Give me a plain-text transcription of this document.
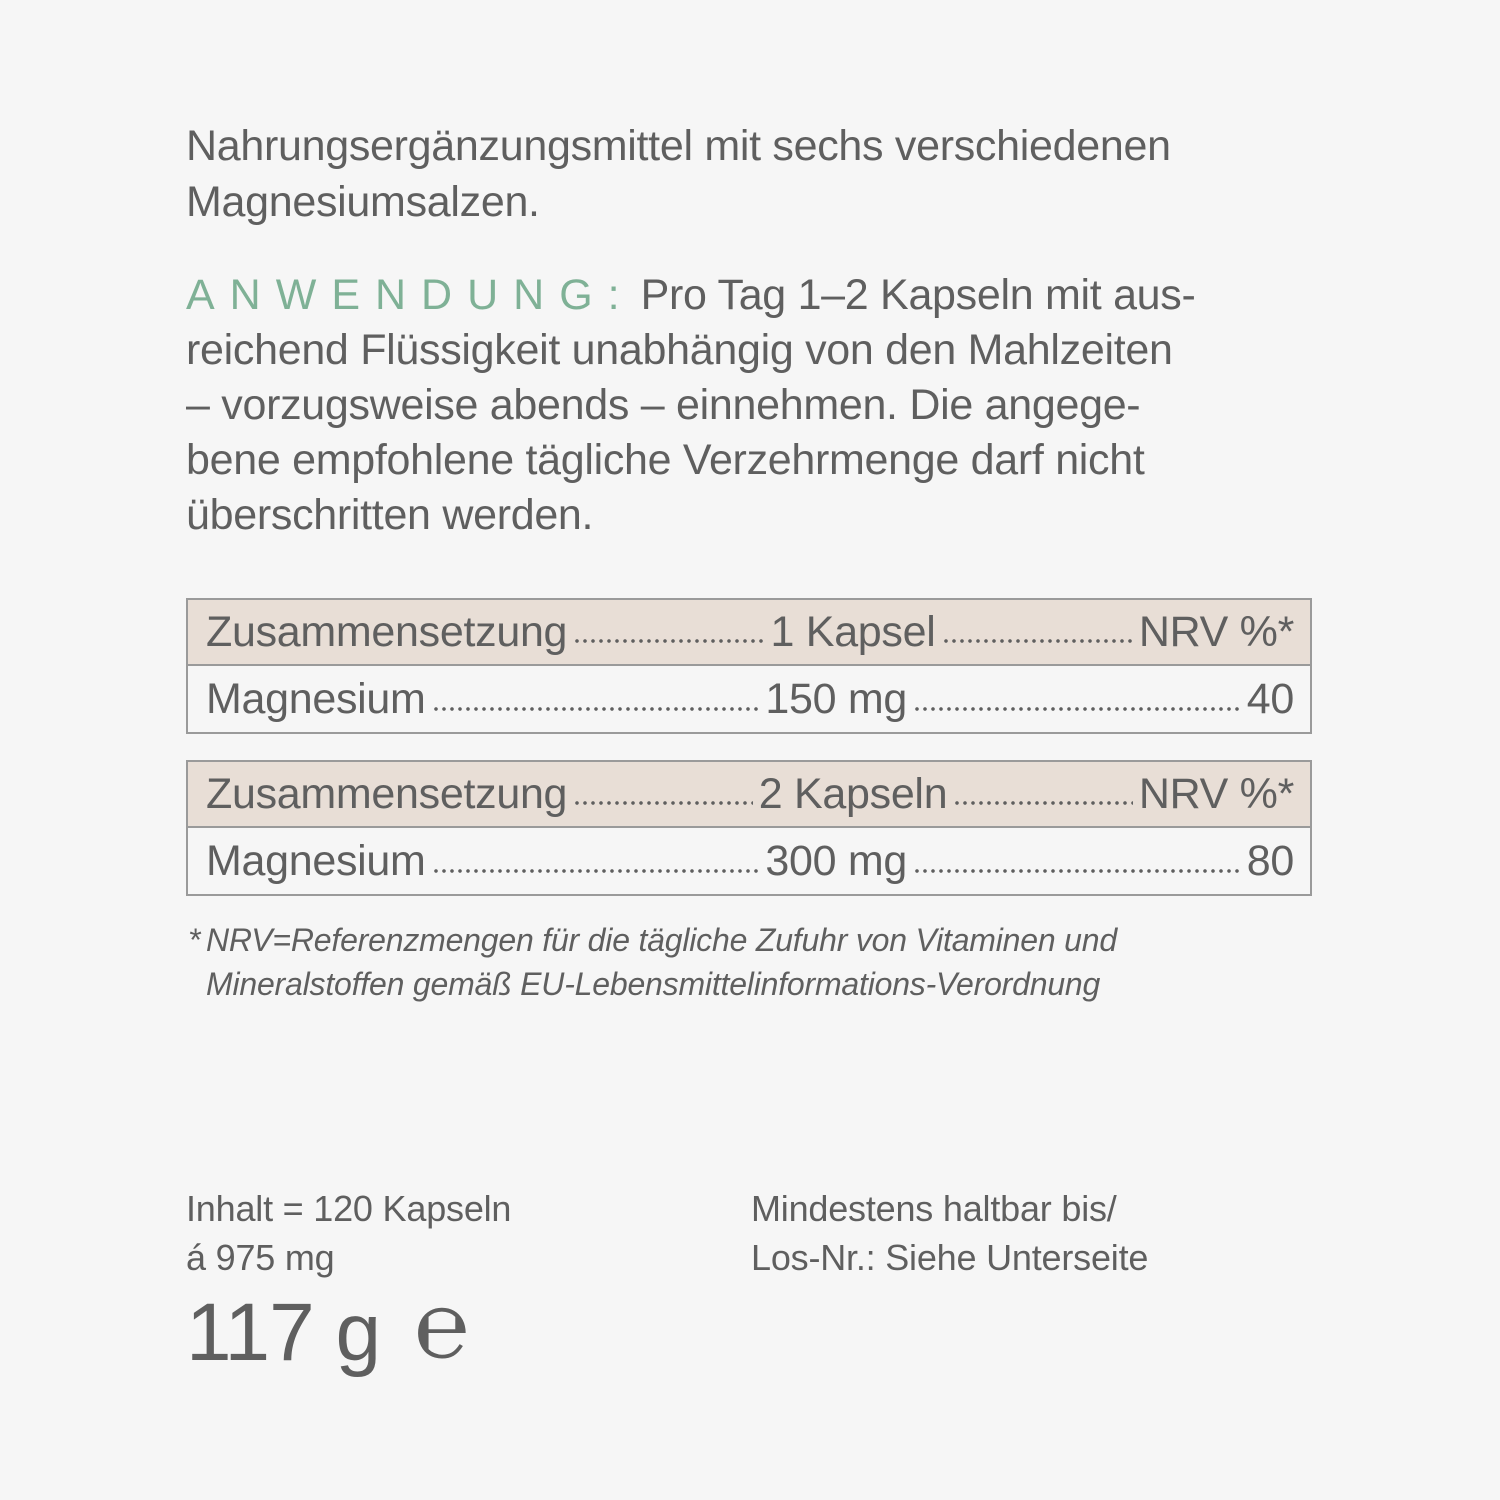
Nahrungsergänzungsmittel mit sechs verschiedenen
Magnesiumsalzen.

ANWENDUNG: Pro Tag 1–2 Kapseln mit aus-
reichend Flüssigkeit unabhängig von den Mahlzeiten
– vorzugsweise abends – einnehmen. Die angege-
bene empfohlene tägliche Verzehrmenge darf nicht
überschritten werden.

Zusammensetzung	1 Kapsel	NRV %*
Magnesium	150 mg	40
Zusammensetzung	2 Kapseln	NRV %*
Magnesium	300 mg	80

* NRV=Referenzmengen für die tägliche Zufuhr von Vitaminen und
Mineralstoffen gemäß EU-Lebensmittelinformations-Verordnung

Inhalt = 120 Kapseln
á 975 mg
117 g ℮
Mindestens haltbar bis/
Los-Nr.: Siehe Unterseite
